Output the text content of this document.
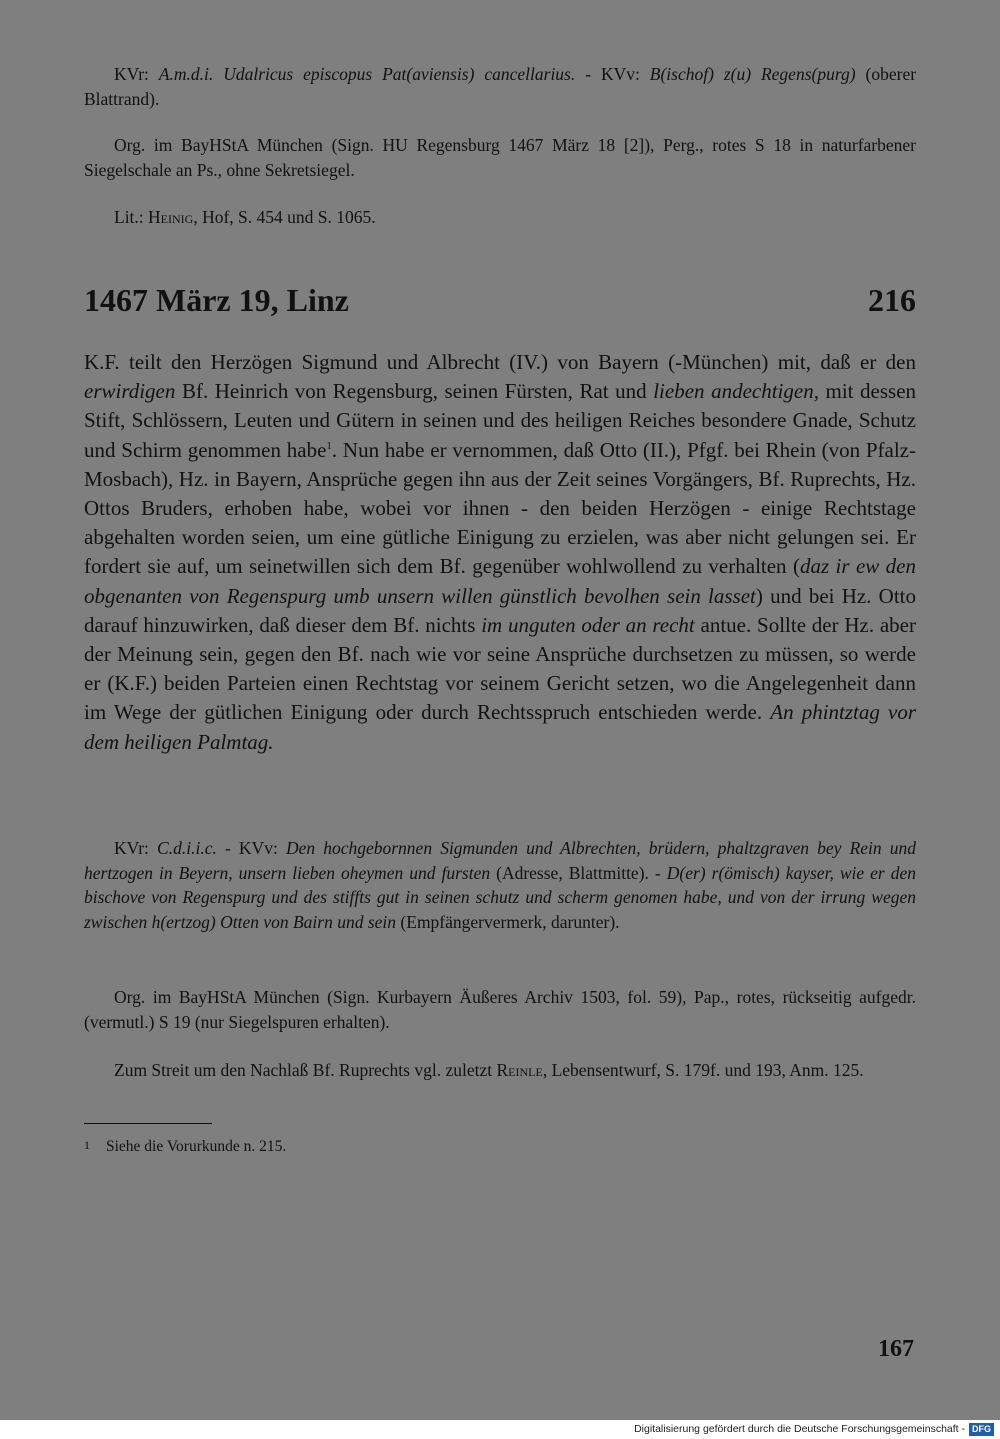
KVr: A.m.d.i. Udalricus episcopus Pat(aviensis) cancellarius. - KVv: B(ischof) z(u) Regens(purg) (oberer Blattrand).

Org. im BayHStA München (Sign. HU Regensburg 1467 März 18 [2]), Perg., rotes S 18 in naturfarbener Siegelschale an Ps., ohne Sekretsiegel.

Lit.: Heinig, Hof, S. 454 und S. 1065.

1467 März 19, Linz	216

K.F. teilt den Herzögen Sigmund und Albrecht (IV.) von Bayern (-München) mit, daß er den erwirdigen Bf. Heinrich von Regensburg, seinen Fürsten, Rat und lieben andechtigen, mit dessen Stift, Schlössern, Leuten und Gütern in seinen und des heiligen Reiches besondere Gnade, Schutz und Schirm genommen habe$^1$. Nun habe er vernommen, daß Otto (II.), Pfgf. bei Rhein (von Pfalz-Mosbach), Hz. in Bayern, Ansprüche gegen ihn aus der Zeit seines Vorgängers, Bf. Ruprechts, Hz. Ottos Bruders, erhoben habe, wobei vor ihnen - den beiden Herzögen - einige Rechtstage abgehalten worden seien, um eine gütliche Einigung zu erzielen, was aber nicht gelungen sei. Er fordert sie auf, um seinetwillen sich dem Bf. gegenüber wohlwollend zu verhalten (daz ir ew den obgenanten von Regenspurg umb unsern willen günstlich bevolhen sein lasset) und bei Hz. Otto darauf hinzuwirken, daß dieser dem Bf. nichts im unguten oder an recht antue. Sollte der Hz. aber der Meinung sein, gegen den Bf. nach wie vor seine Ansprüche durchsetzen zu müssen, so werde er (K.F.) beiden Parteien einen Rechtstag vor seinem Gericht setzen, wo die Angelegenheit dann im Wege der gütlichen Einigung oder durch Rechtsspruch entschieden werde. An phintztag vor dem heiligen Palmtag.

KVr: C.d.i.i.c. - KVv: Den hochgebornnen Sigmunden und Albrechten, brüdern, phaltzgraven bey Rein und hertzogen in Beyern, unsern lieben oheymen und fursten (Adresse, Blattmitte). - D(er) r(ömisch) kayser, wie er den bischove von Regenspurg und des stiffts gut in seinen schutz und scherm genomen habe, und von der irrung wegen zwischen h(ertzog) Otten von Bairn und sein (Empfängervermerk, darunter).

Org. im BayHStA München (Sign. Kurbayern Äußeres Archiv 1503, fol. 59), Pap., rotes, rückseitig aufgedr. (vermutl.) S 19 (nur Siegelspuren erhalten).

Zum Streit um den Nachlaß Bf. Ruprechts vgl. zuletzt Reinle, Lebensentwurf, S. 179f. und 193, Anm. 125.

1 Siehe die Vorurkunde n. 215.
167
Digitalisierung gefördert durch die Deutsche Forschungsgemeinschaft - DFG
